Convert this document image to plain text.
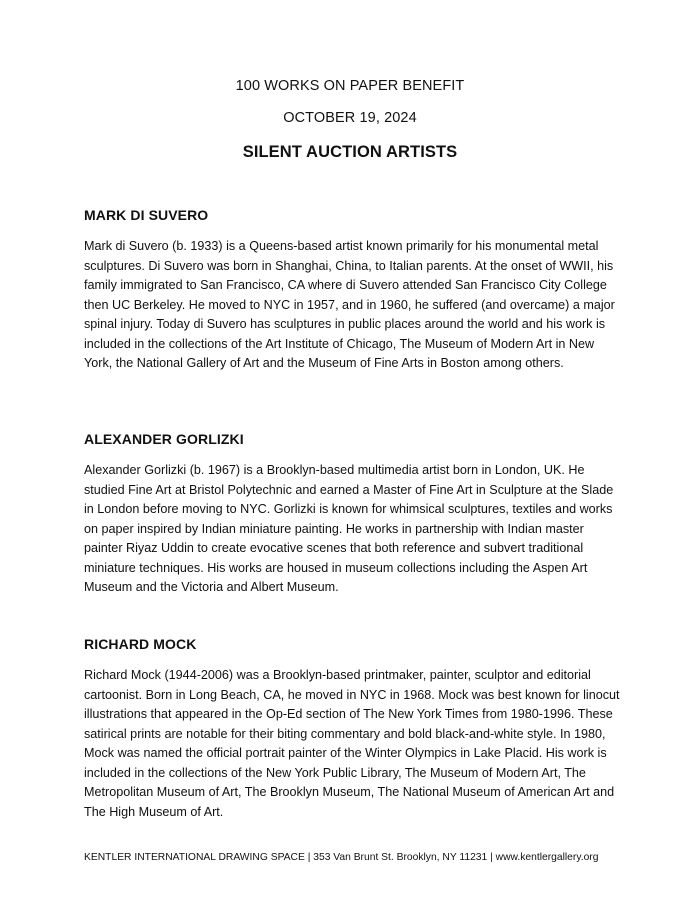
100 WORKS ON PAPER BENEFIT
OCTOBER 19, 2024
SILENT AUCTION ARTISTS
MARK DI SUVERO

Mark di Suvero (b. 1933) is a Queens-based artist known primarily for his monumental metal sculptures. Di Suvero was born in Shanghai, China, to Italian parents. At the onset of WWII, his family immigrated to San Francisco, CA where di Suvero attended San Francisco City College then UC Berkeley. He moved to NYC in 1957, and in 1960, he suffered (and overcame) a major spinal injury. Today di Suvero has sculptures in public places around the world and his work is included in the collections of the Art Institute of Chicago, The Museum of Modern Art in New York, the National Gallery of Art and the Museum of Fine Arts in Boston among others.

ALEXANDER GORLIZKI

Alexander Gorlizki (b. 1967) is a Brooklyn-based multimedia artist born in London, UK. He studied Fine Art at Bristol Polytechnic and earned a Master of Fine Art in Sculpture at the Slade in London before moving to NYC. Gorlizki is known for whimsical sculptures, textiles and works on paper inspired by Indian miniature painting. He works in partnership with Indian master painter Riyaz Uddin to create evocative scenes that both reference and subvert traditional miniature techniques. His works are housed in museum collections including the Aspen Art Museum and the Victoria and Albert Museum.

RICHARD MOCK

Richard Mock (1944-2006) was a Brooklyn-based printmaker, painter, sculptor and editorial cartoonist. Born in Long Beach, CA, he moved in NYC in 1968. Mock was best known for linocut illustrations that appeared in the Op-Ed section of The New York Times from 1980-1996. These satirical prints are notable for their biting commentary and bold black-and-white style. In 1980, Mock was named the official portrait painter of the Winter Olympics in Lake Placid. His work is included in the collections of the New York Public Library, The Museum of Modern Art, The Metropolitan Museum of Art, The Brooklyn Museum, The National Museum of American Art and The High Museum of Art.

KENTLER INTERNATIONAL DRAWING SPACE | 353 Van Brunt St. Brooklyn, NY 11231 | www.kentlergallery.org
